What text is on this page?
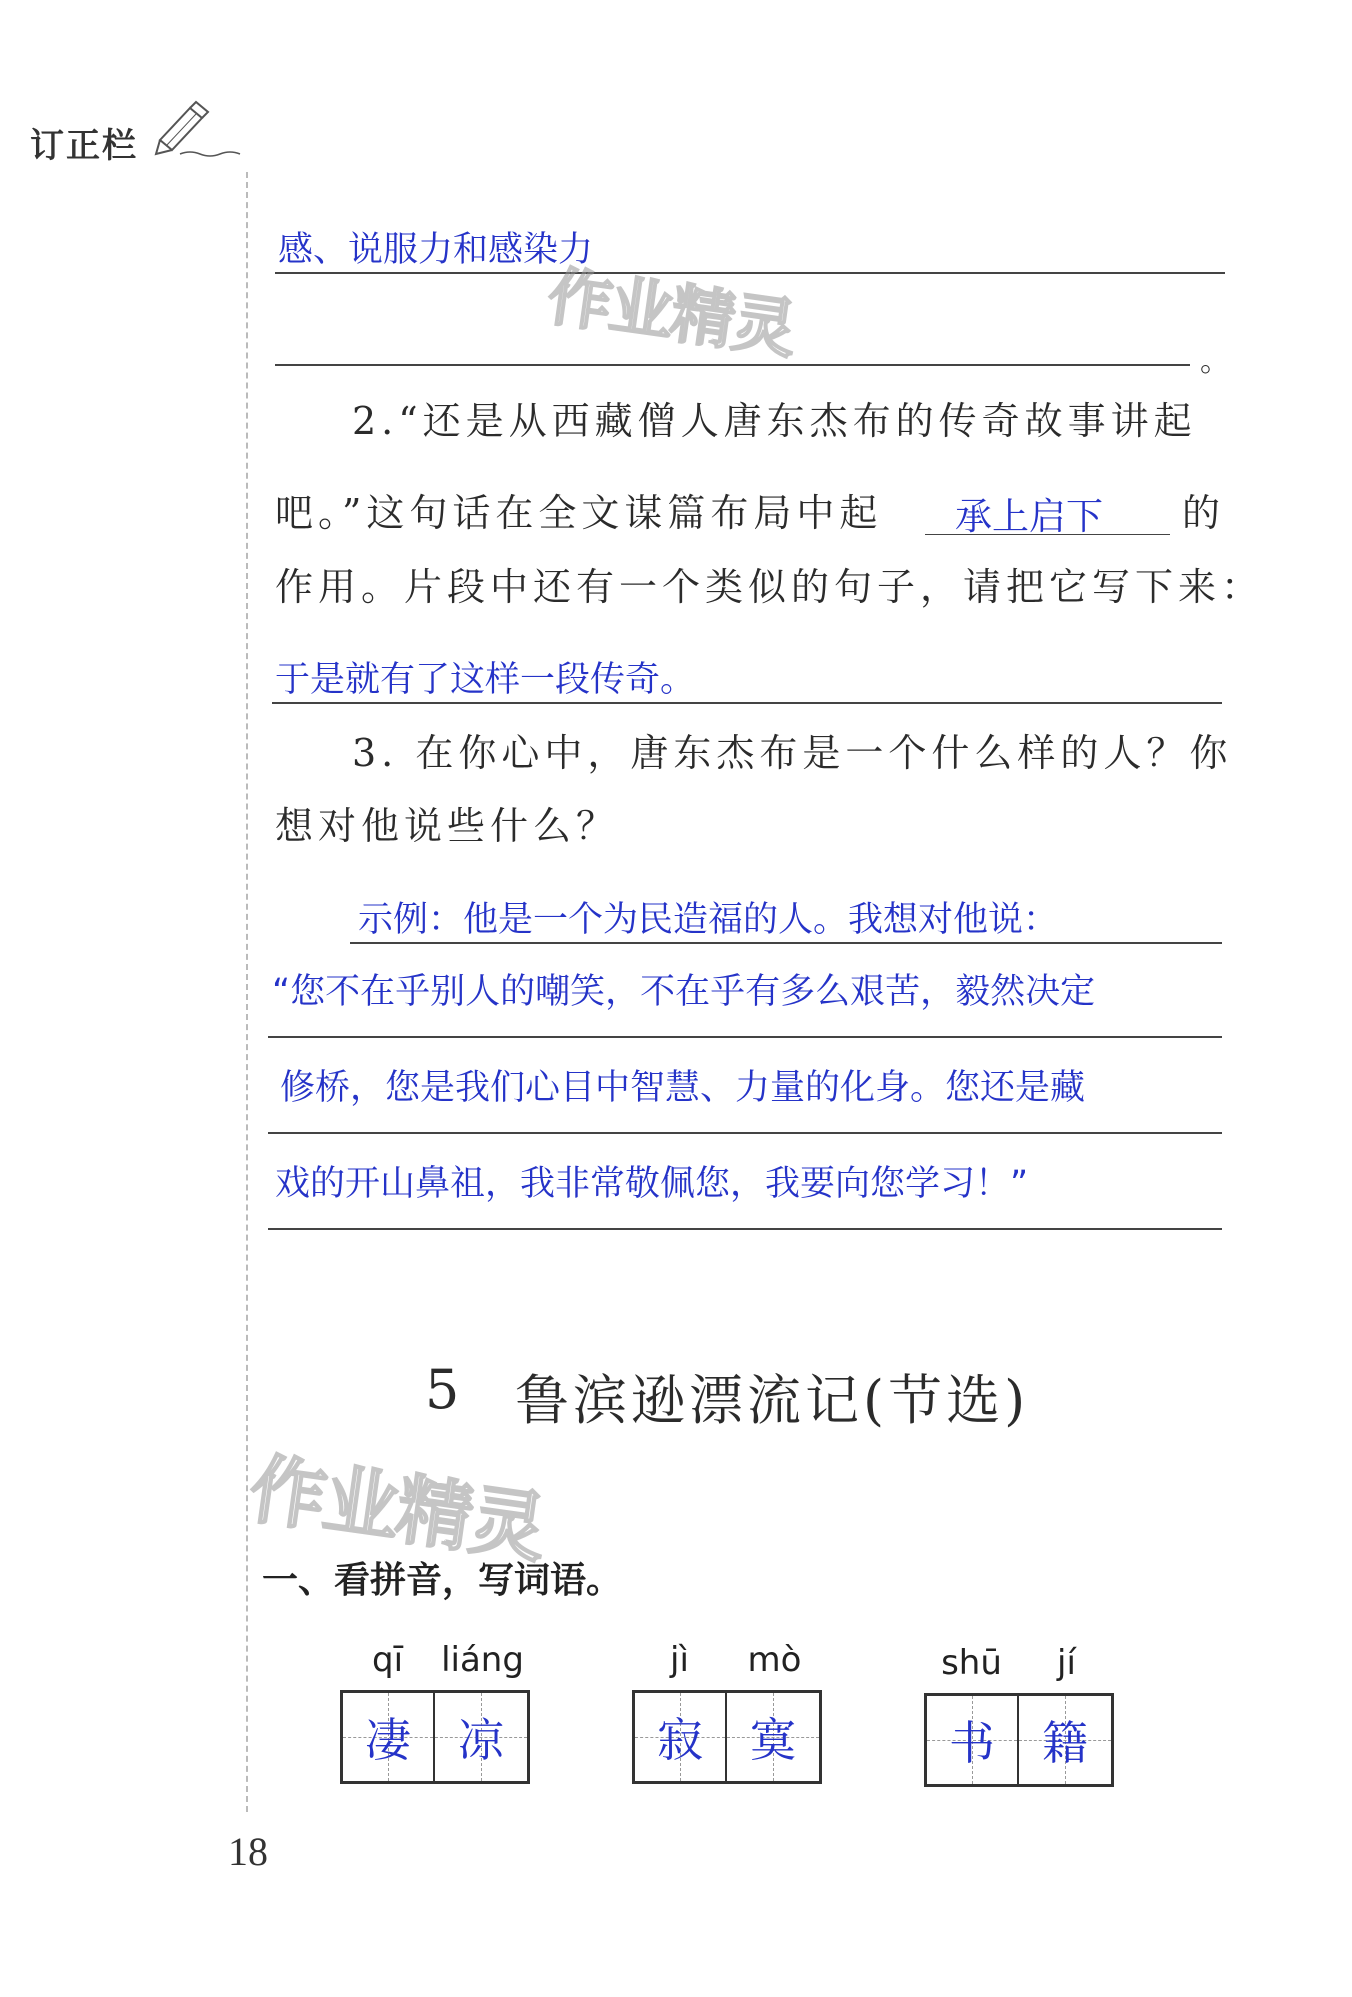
订正栏
感、说服力和感染力
作业精灵	。
2.“还是从西藏僧人唐东杰布的传奇故事讲起
吧。”这句话在全文谋篇布局中起 承上启下 的
作用。片段中还有一个类似的句子，请把它写下来：
于是就有了这样一段传奇。
3. 在你心中，唐东杰布是一个什么样的人？你
想对他说些什么？
示例：他是一个为民造福的人。我想对他说：
“您不在乎别人的嘲笑，不在乎有多么艰苦，毅然决定
修桥，您是我们心目中智慧、力量的化身。您还是藏
戏的开山鼻祖，我非常敬佩您，我要向您学习！”
5 鲁滨逊漂流记(节选)
作业精灵
一、看拼音，写词语。
qī	liáng
凄 凉
jì	mò
寂 寞
shū	jí
书 籍
18
